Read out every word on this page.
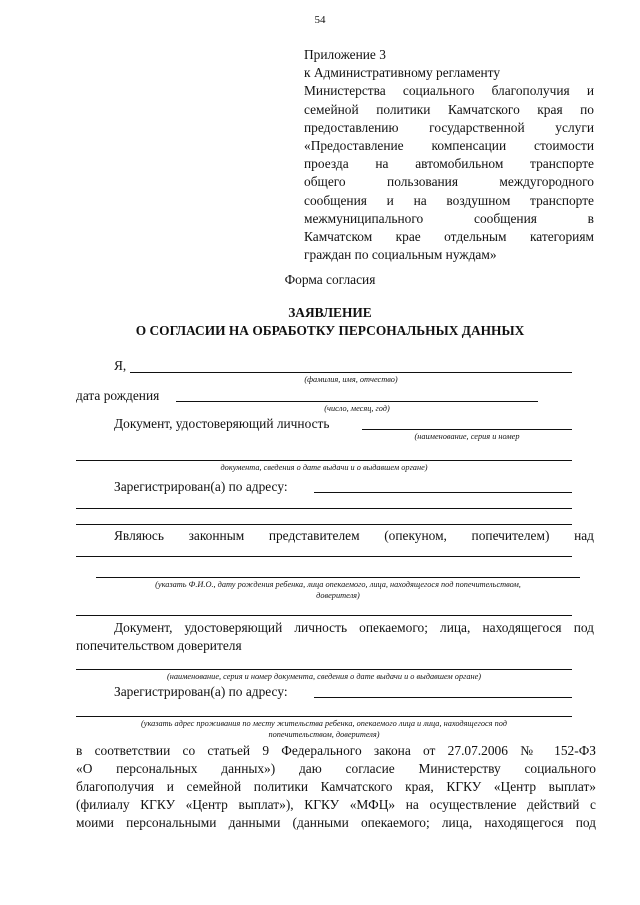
54
Приложение 3
к Административному регламенту
Министерства социального благополучия и
семейной политики Камчатского края по
предоставлению государственной услуги
«Предоставление компенсации стоимости
проезда на автомобильном транспорте
общего пользования междугородного
сообщения и на воздушном транспорте
межмуниципального сообщения в
Камчатском крае отдельным категориям
граждан по социальным нуждам»
Форма согласия
ЗАЯВЛЕНИЕ
О СОГЛАСИИ НА ОБРАБОТКУ ПЕРСОНАЛЬНЫХ ДАННЫХ
Я,
(фамилия, имя, отчество)
дата рождения
(число, месяц, год)
Документ, удостоверяющий личность
(наименование, серия и номер
документа, сведения о дате выдачи и о выдавшем органе)
Зарегистрирован(а) по адресу:
Являюсь законным представителем (опекуном, попечителем) над
(указать Ф.И.О., дату рождения ребенка, лица опекаемого, лица, находящегося под попечительством,
доверителя)
Документ, удостоверяющий личность опекаемого; лица, находящегося под
попечительством доверителя
(наименование, серия и номер документа, сведения о дате выдачи и о выдавшем органе)
Зарегистрирован(а) по адресу:
(указать адрес проживания по месту жительства ребенка, опекаемого лица и лица, находящегося под
попечительством, доверителя)
в соответствии со статьей 9 Федерального закона от 27.07.2006 № 152-ФЗ
«О персональных данных») даю согласие Министерству социального
благополучия и семейной политики Камчатского края, КГКУ «Центр выплат»
(филиалу КГКУ «Центр выплат»), КГКУ «МФЦ» на осуществление действий с
моими персональными данными (данными опекаемого; лица, находящегося под
